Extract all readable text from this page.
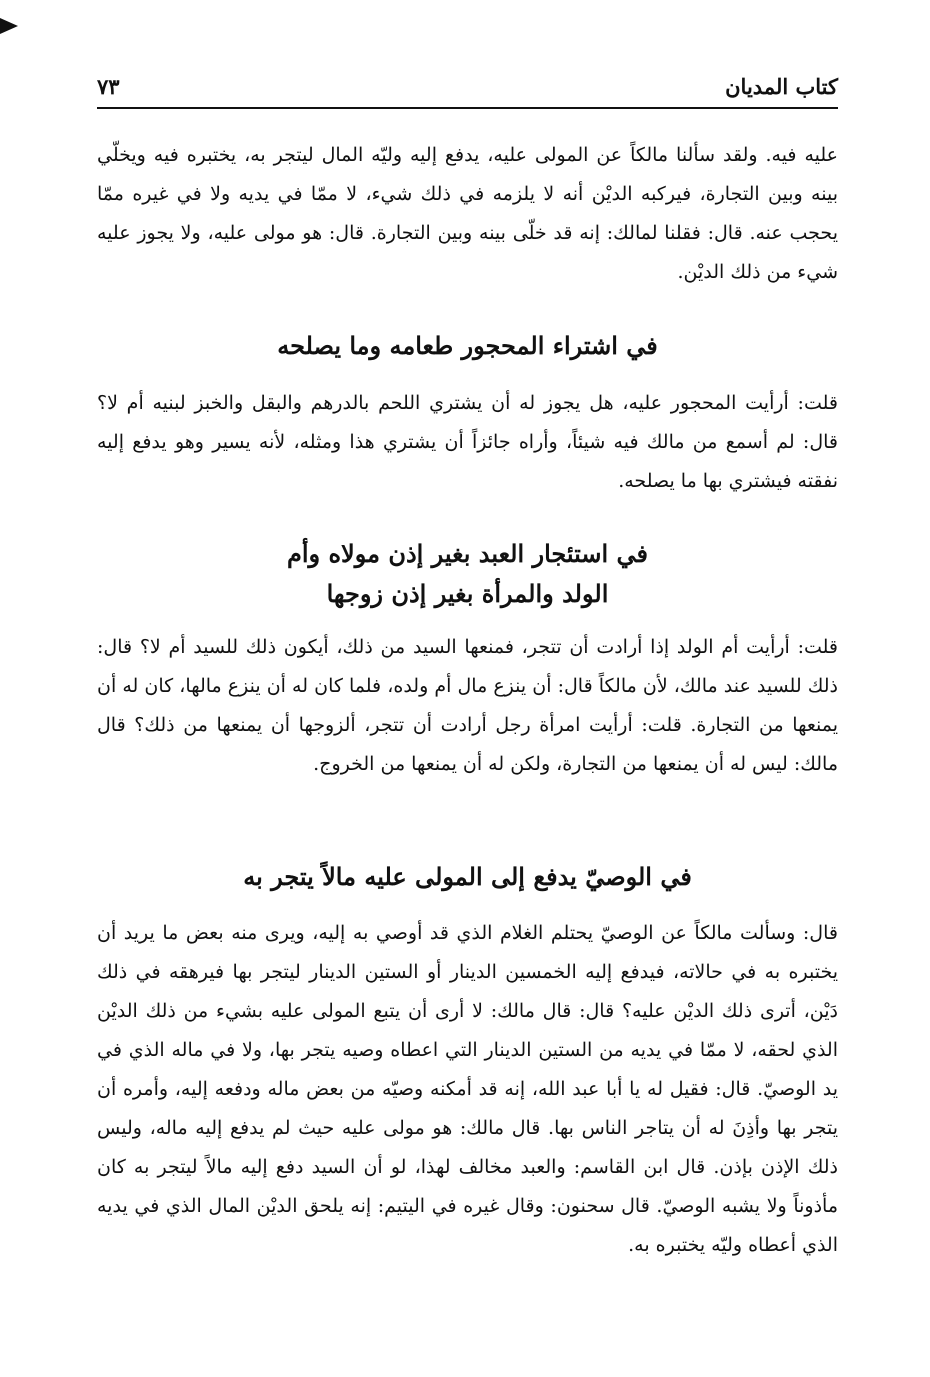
كتاب المديان
٧٣
عليه فيه. ولقد سألنا مالكاً عن المولى عليه، يدفع إليه وليّه المال ليتجر به، يختبره فيه ويخلّي بينه وبين التجارة، فيركبه الديْن أنه لا يلزمه في ذلك شيء، لا ممّا في يديه ولا في غيره ممّا يحجب عنه. قال: فقلنا لمالك: إنه قد خلّى بينه وبين التجارة. قال: هو مولى عليه، ولا يجوز عليه شيء من ذلك الديْن.
في اشتراء المحجور طعامه وما يصلحه
قلت: أرأيت المحجور عليه، هل يجوز له أن يشتري اللحم بالدرهم والبقل والخبز لبنيه أم لا؟ قال: لم أسمع من مالك فيه شيئاً، وأراه جائزاً أن يشتري هذا ومثله، لأنه يسير وهو يدفع إليه نفقته فيشتري بها ما يصلحه.
في استئجار العبد بغير إذن مولاه وأم
الولد والمرأة بغير إذن زوجها
قلت: أرأيت أم الولد إذا أرادت أن تتجر، فمنعها السيد من ذلك، أيكون ذلك للسيد أم لا؟ قال: ذلك للسيد عند مالك، لأن مالكاً قال: أن ينزع مال أم ولده، فلما كان له أن ينزع مالها، كان له أن يمنعها من التجارة. قلت: أرأيت امرأة رجل أرادت أن تتجر، ألزوجها أن يمنعها من ذلك؟ قال مالك: ليس له أن يمنعها من التجارة، ولكن له أن يمنعها من الخروج.
في الوصيّ يدفع إلى المولى عليه مالاً يتجر به
قال: وسألت مالكاً عن الوصيّ يحتلم الغلام الذي قد أوصي به إليه، ويرى منه بعض ما يريد أن يختبره به في حالاته، فيدفع إليه الخمسين الدينار أو الستين الدينار ليتجر بها فيرهقه في ذلك دَيْن، أترى ذلك الديْن عليه؟ قال: قال مالك: لا أرى أن يتبع المولى عليه بشيء من ذلك الديْن الذي لحقه، لا ممّا في يديه من الستين الدينار التي اعطاه وصيه يتجر بها، ولا في ماله الذي في يد الوصيّ. قال: فقيل له يا أبا عبد الله، إنه قد أمكنه وصيّه من بعض ماله ودفعه إليه، وأمره أن يتجر بها وأذِنَ له أن يتاجر الناس بها. قال مالك: هو مولى عليه حيث لم يدفع إليه ماله، وليس ذلك الإذن بإذن. قال ابن القاسم: والعبد مخالف لهذا، لو أن السيد دفع إليه مالاً ليتجر به كان مأذوناً ولا يشبه الوصيّ. قال سحنون: وقال غيره في اليتيم: إنه يلحق الديْن المال الذي في يديه الذي أعطاه وليّه يختبره به.
